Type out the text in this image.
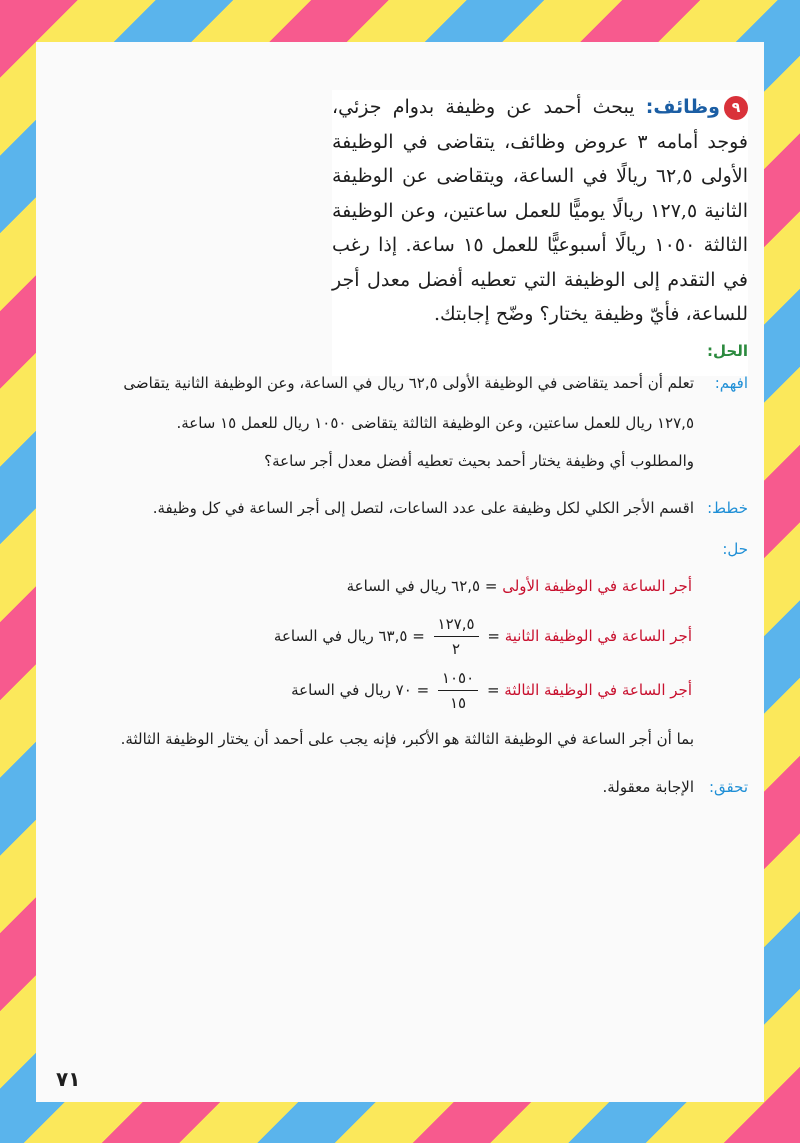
٩وظائف: يبحث أحمد عن وظيفة بدوام جزئي، فوجد أمامه ٣ عروض وظائف، يتقاضى في الوظيفة الأولى ٦٢,٥ ريالًا في الساعة، ويتقاضى عن الوظيفة الثانية ١٢٧,٥ ريالًا يوميًّا للعمل ساعتين، وعن الوظيفة الثالثة ١٠٥٠ ريالًا أسبوعيًّا للعمل ١٥ ساعة. إذا رغب في التقدم إلى الوظيفة التي تعطيه أفضل معدل أجر للساعة، فأيّ وظيفة يختار؟ وضّح إجابتك.
الحل:
افهم:
تعلم أن أحمد يتقاضى في الوظيفة الأولى ٦٢,٥ ريال في الساعة، وعن الوظيفة الثانية يتقاضى
١٢٧,٥ ريال للعمل ساعتين، وعن الوظيفة الثالثة يتقاضى ١٠٥٠ ريال للعمل ١٥ ساعة.
والمطلوب أي وظيفة يختار أحمد بحيث تعطيه أفضل معدل أجر ساعة؟
خطط:
اقسم الأجر الكلي لكل وظيفة على عدد الساعات، لتصل إلى أجر الساعة في كل وظيفة.
حل:
أجر الساعة في الوظيفة الأولى = ٦٢,٥ ريال في الساعة
أجر الساعة في الوظيفة الثانية =
$\frac{١٢٧,٥}{٢}$
= ٦٣,٥ ريال في الساعة
أجر الساعة في الوظيفة الثالثة =
$\frac{١٠٥٠}{١٥}$
= ٧٠ ريال في الساعة
بما أن أجر الساعة في الوظيفة الثالثة هو الأكبر، فإنه يجب على أحمد أن يختار الوظيفة الثالثة.
تحقق:
الإجابة معقولة.
٧١
